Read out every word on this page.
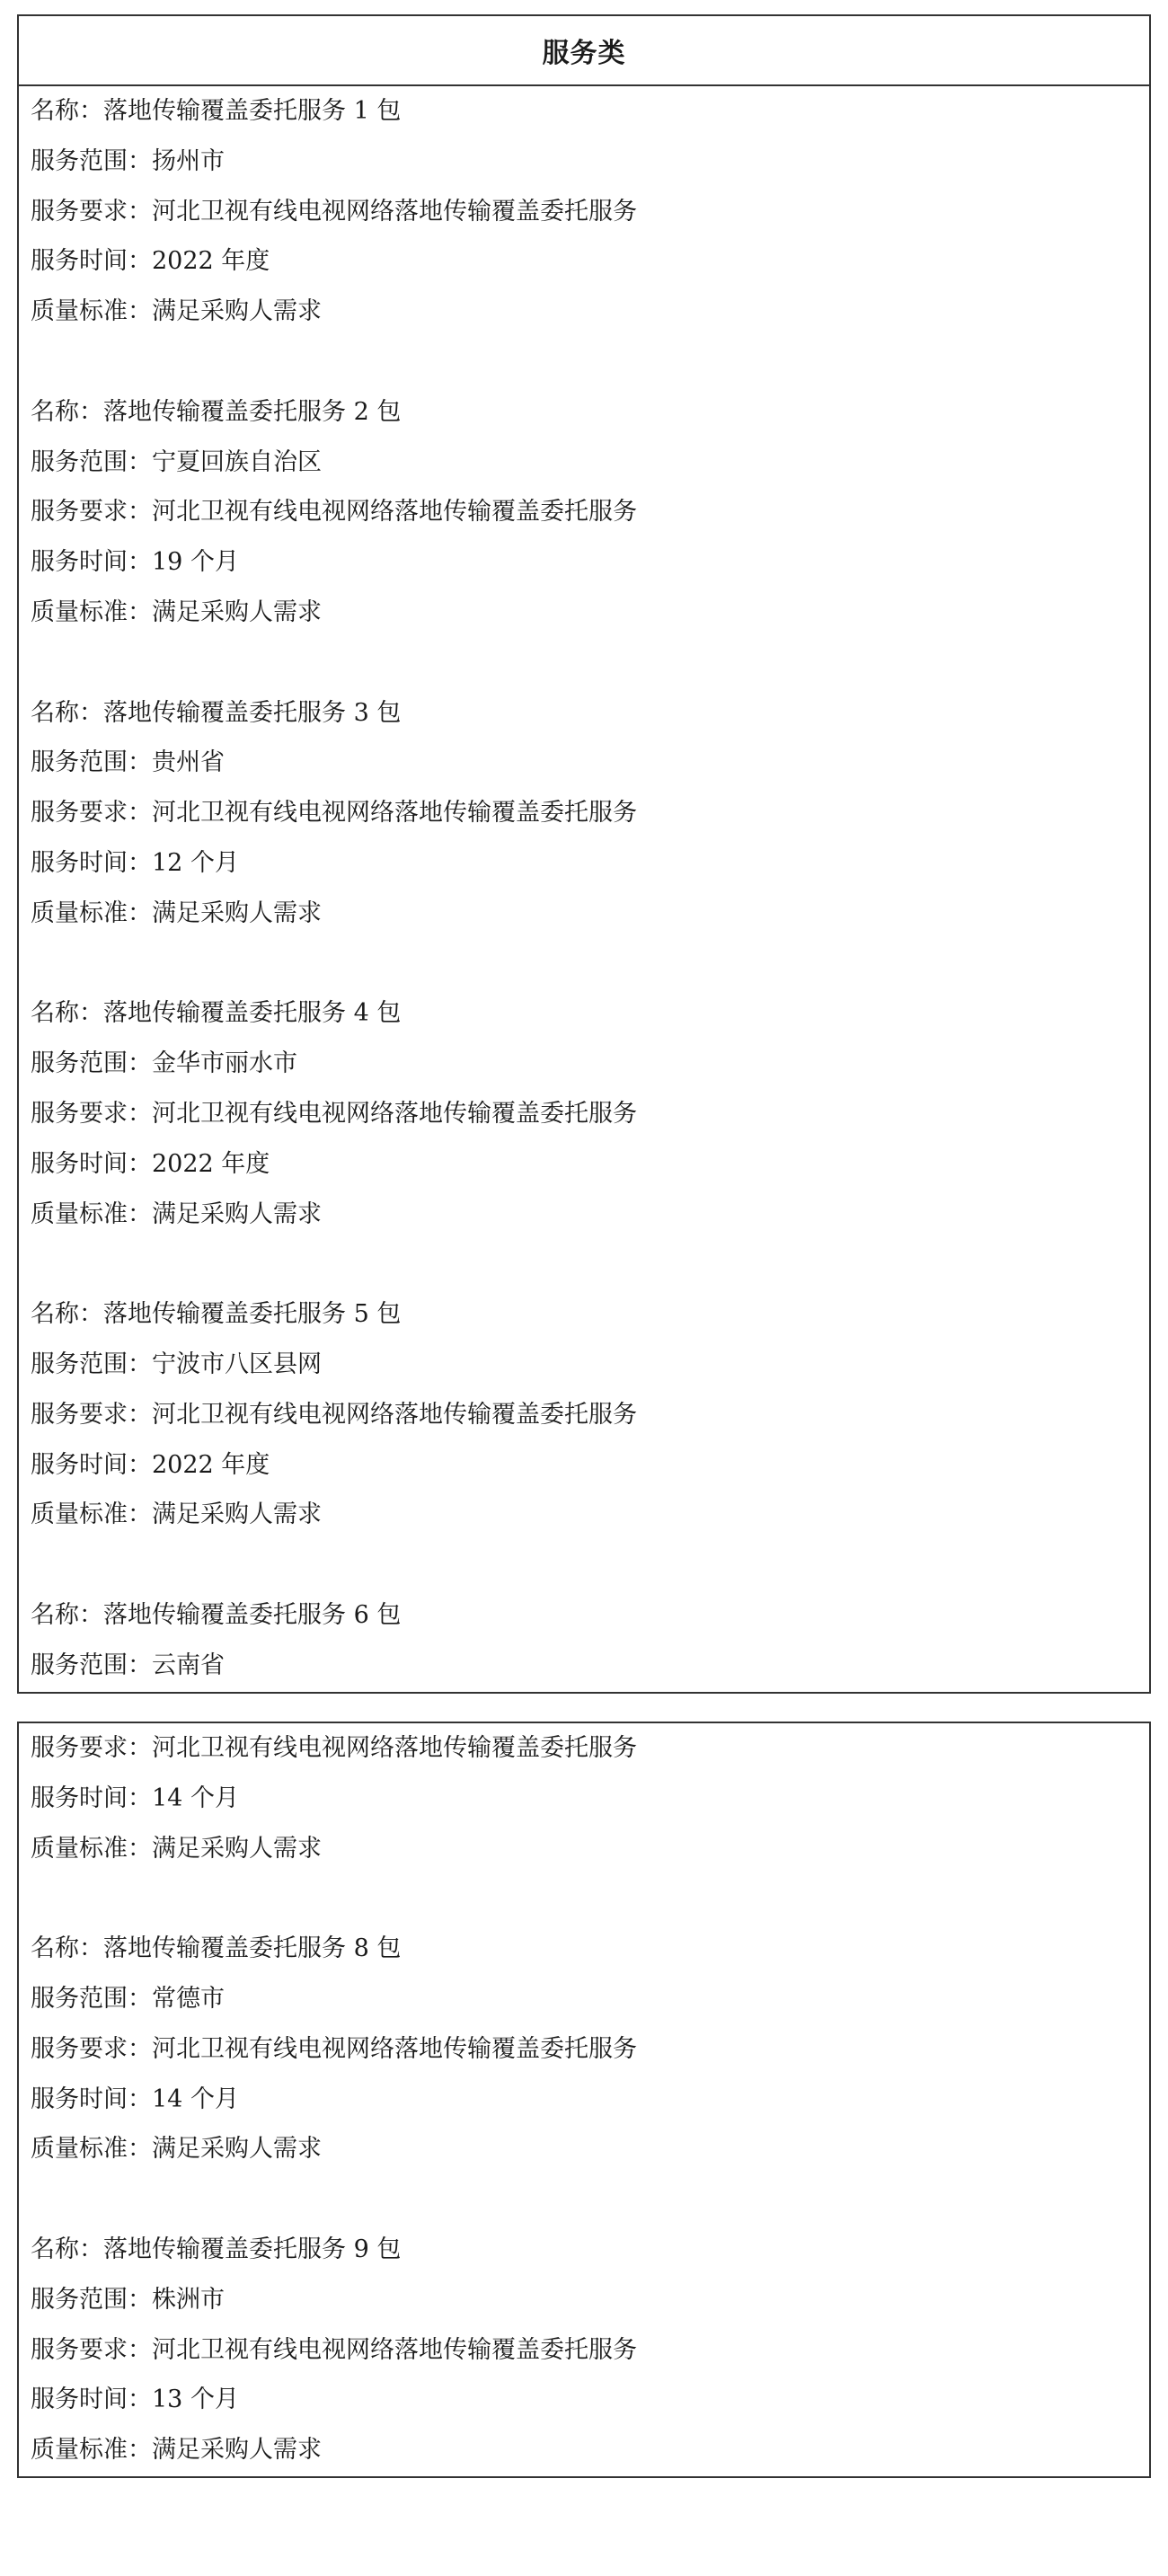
服务类
名称：落地传输覆盖委托服务 1 包
服务范围：扬州市
服务要求：河北卫视有线电视网络落地传输覆盖委托服务
服务时间：2022 年度
质量标准：满足采购人需求
名称：落地传输覆盖委托服务 2 包
服务范围：宁夏回族自治区
服务要求：河北卫视有线电视网络落地传输覆盖委托服务
服务时间：19 个月
质量标准：满足采购人需求
名称：落地传输覆盖委托服务 3 包
服务范围：贵州省
服务要求：河北卫视有线电视网络落地传输覆盖委托服务
服务时间：12 个月
质量标准：满足采购人需求
名称：落地传输覆盖委托服务 4 包
服务范围：金华市丽水市
服务要求：河北卫视有线电视网络落地传输覆盖委托服务
服务时间：2022 年度
质量标准：满足采购人需求
名称：落地传输覆盖委托服务 5 包
服务范围：宁波市八区县网
服务要求：河北卫视有线电视网络落地传输覆盖委托服务
服务时间：2022 年度
质量标准：满足采购人需求
名称：落地传输覆盖委托服务 6 包
服务范围：云南省
服务要求：河北卫视有线电视网络落地传输覆盖委托服务
服务时间：14 个月
质量标准：满足采购人需求
名称：落地传输覆盖委托服务 8 包
服务范围：常德市
服务要求：河北卫视有线电视网络落地传输覆盖委托服务
服务时间：14 个月
质量标准：满足采购人需求
名称：落地传输覆盖委托服务 9 包
服务范围：株洲市
服务要求：河北卫视有线电视网络落地传输覆盖委托服务
服务时间：13 个月
质量标准：满足采购人需求
